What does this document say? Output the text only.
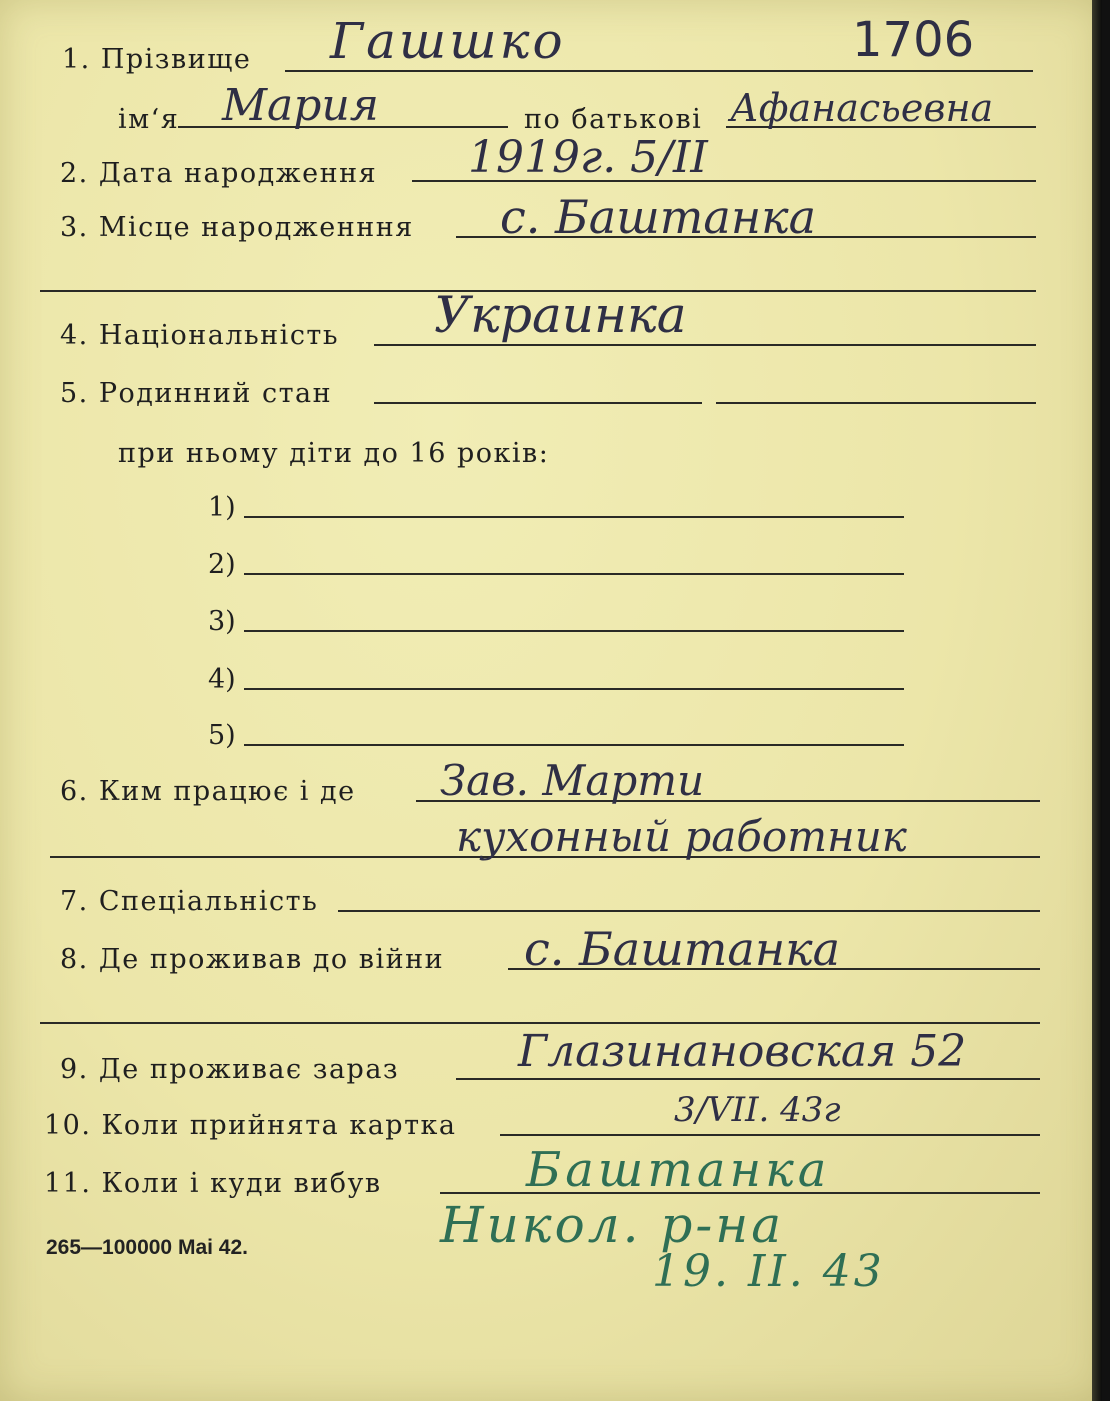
1. Прізвище Гашшко	1706
ім‘я Мария	по батькові Афанасьевна
2. Дата народження 1919г. 5/II
3. Місце народженння с. Баштанка
4. Національність Украинка
5. Родинний стан
при ньому діти до 16 років:
1)
2)
3)
4)
5)
6. Ким працює і де Зав. Марти
кухонный работник
7. Спеціальність
8. Де проживав до війни с. Баштанка
9. Де проживає зараз	Глазинановская 52
10. Коли прийнята картка	3/VII. 43г
11. Коли і куди вибув	Баштанка
Никол. р-на
19. II. 43
265—100000 Mai 42.
